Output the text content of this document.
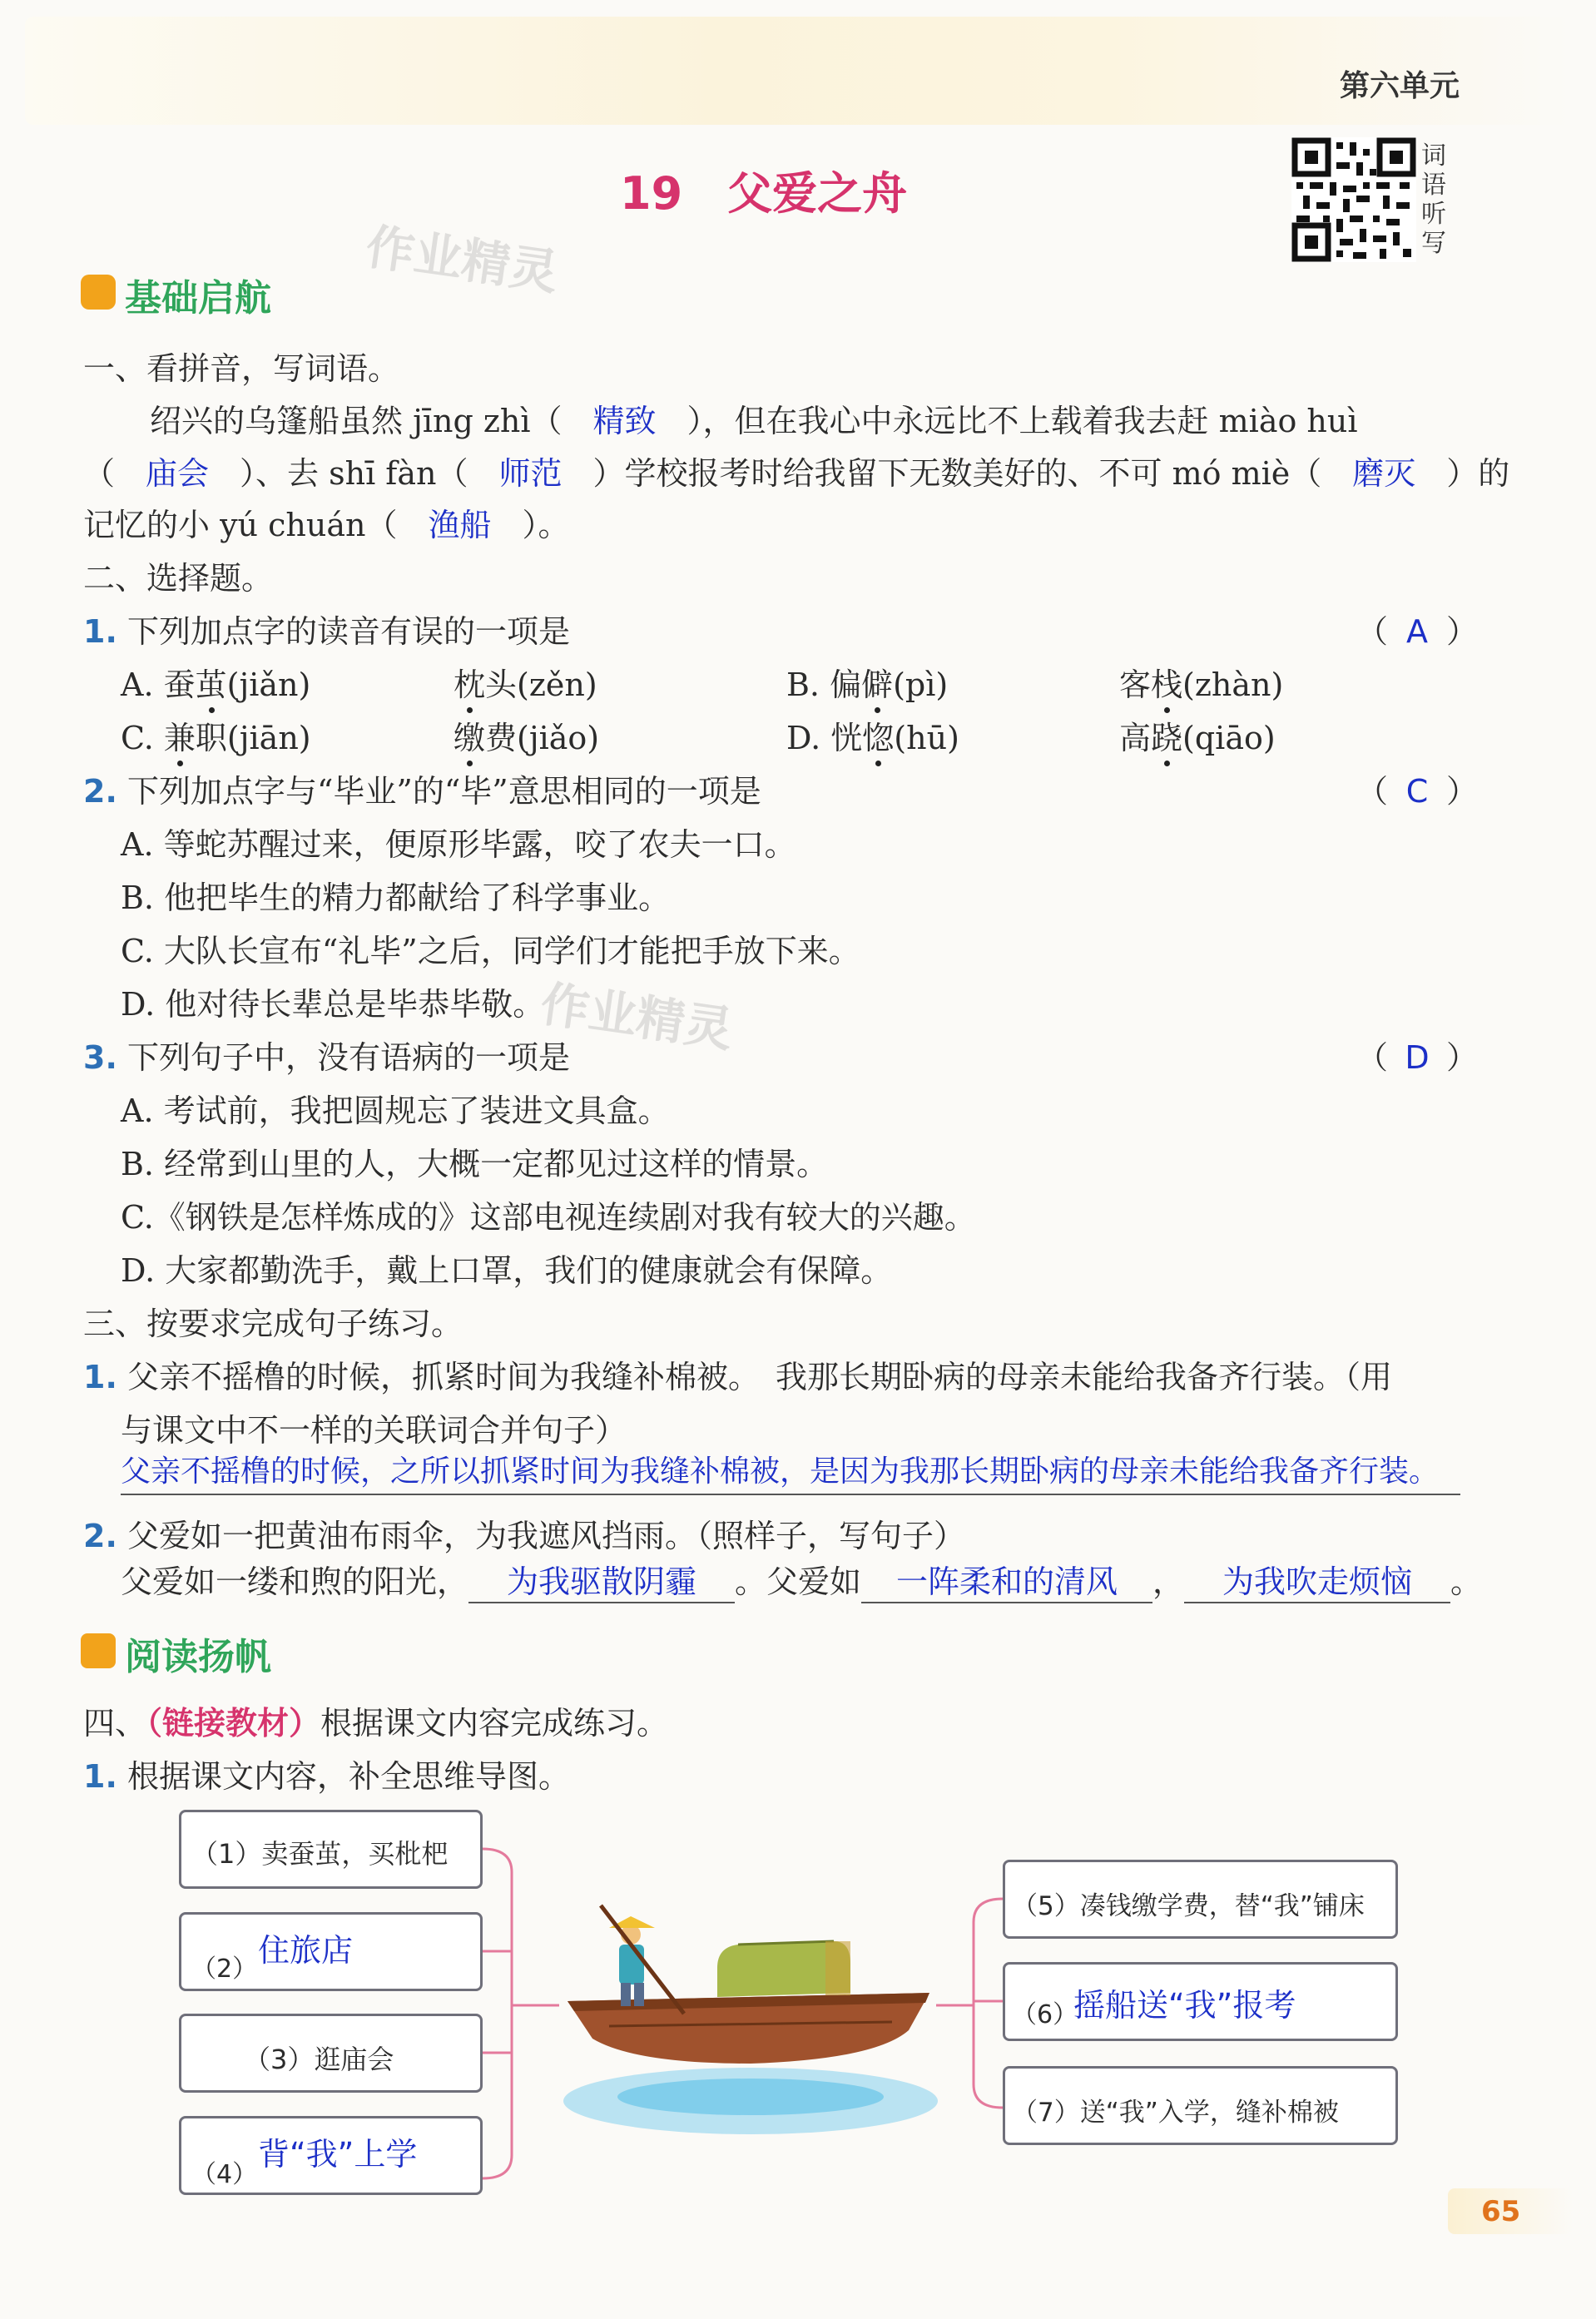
第六单元
19　父爱之舟
词语听写
作业精灵
作业精灵
基础启航
一、看拼音，写词语。
绍兴的乌篷船虽然 jīng zhì（ 精致 ），但在我心中永远比不上载着我去赶 miào huì
（ 庙会 ）、去 shī fàn（ 师范 ）学校报考时给我留下无数美好的、不可 mó miè（ 磨灭 ）的
记忆的小 yú chuán（ 渔船 ）。
二、选择题。
1. 下列加点字的读音有误的一项是	（ A ）
A. 蚕茧(jiǎn)	枕头(zěn)	B. 偏僻(pì)	客栈(zhàn)
C. 兼职(jiān)	缴费(jiǎo)	D. 恍惚(hū)	高跷(qiāo)
2. 下列加点字与“毕业”的“毕”意思相同的一项是	（ C ）
A. 等蛇苏醒过来，便原形毕露，咬了农夫一口。
B. 他把毕生的精力都献给了科学事业。
C. 大队长宣布“礼毕”之后，同学们才能把手放下来。
D. 他对待长辈总是毕恭毕敬。
3. 下列句子中，没有语病的一项是	（ D ）
A. 考试前，我把圆规忘了装进文具盒。
B. 经常到山里的人，大概一定都见过这样的情景。
C.《钢铁是怎样炼成的》这部电视连续剧对我有较大的兴趣。
D. 大家都勤洗手，戴上口罩，我们的健康就会有保障。
三、按要求完成句子练习。
1. 父亲不摇橹的时候，抓紧时间为我缝补棉被。　我那长期卧病的母亲未能给我备齐行装。（用
与课文中不一样的关联词合并句子）
父亲不摇橹的时候，之所以抓紧时间为我缝补棉被，是因为我那长期卧病的母亲未能给我备齐行装。
2. 父爱如一把黄油布雨伞，为我遮风挡雨。（照样子，写句子）
父爱如一缕和煦的阳光， 为我驱散阴霾 。父爱如 一阵柔和的清风 ， 为我吹走烦恼 。
阅读扬帆
四、（链接教材）根据课文内容完成练习。
1. 根据课文内容，补全思维导图。
（1）卖蚕茧，买枇杷
（2）
住旅店
（3）逛庙会
（4）
背“我”上学
（5）凑钱缴学费，替“我”铺床
（6）
摇船送“我”报考
（7）送“我”入学，缝补棉被
65
